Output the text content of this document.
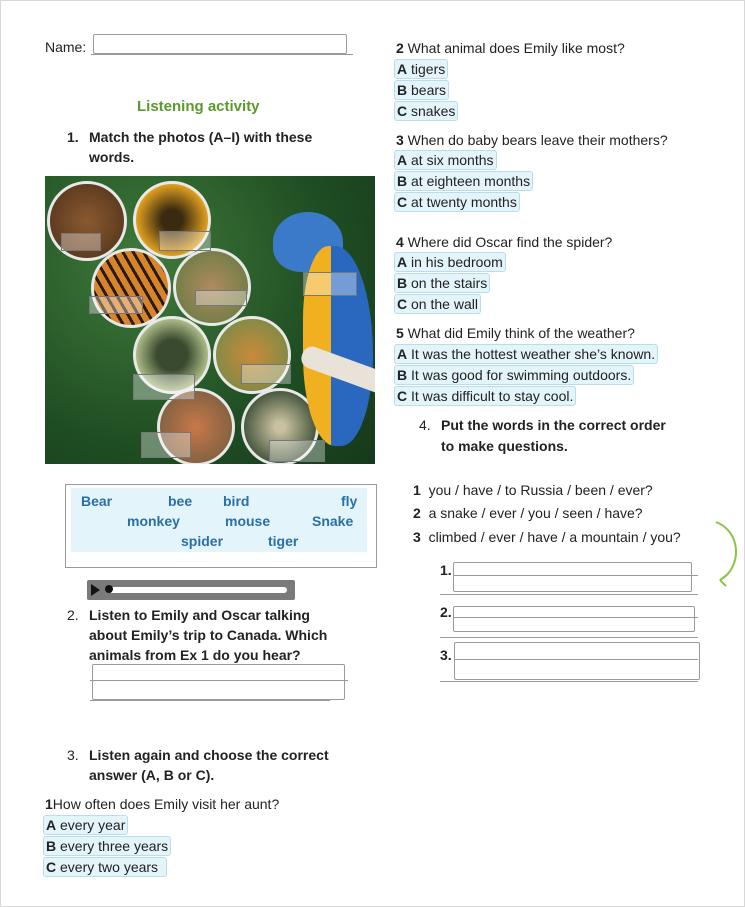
Name:
Listening activity
1. Match the photos (A–I) with these
words.
Bear	bee bird	fly
monkey	mouse	Snake
spider	tiger
2. Listen to Emily and Oscar talking
about Emily’s trip to Canada. Which
animals from Ex 1 do you hear?
3. Listen again and choose the correct
answer (A, B or C).
1How often does Emily visit her aunt?
A every year
B every three years
C every two years
2 What animal does Emily like most?
A tigers
B bears
C snakes
3 When do baby bears leave their mothers?
A at six months
B at eighteen months
C at twenty months
4 Where did Oscar find the spider?
A in his bedroom
B on the stairs
C on the wall
5 What did Emily think of the weather?
A It was the hottest weather she’s known.
B It was good for swimming outdoors.
C It was difficult to stay cool.
4. Put the words in the correct order
to make questions.
1 you / have / to Russia / been / ever?
2 a snake / ever / you / seen / have?
3 climbed / ever / have / a mountain / you?
1.
2.
3.
